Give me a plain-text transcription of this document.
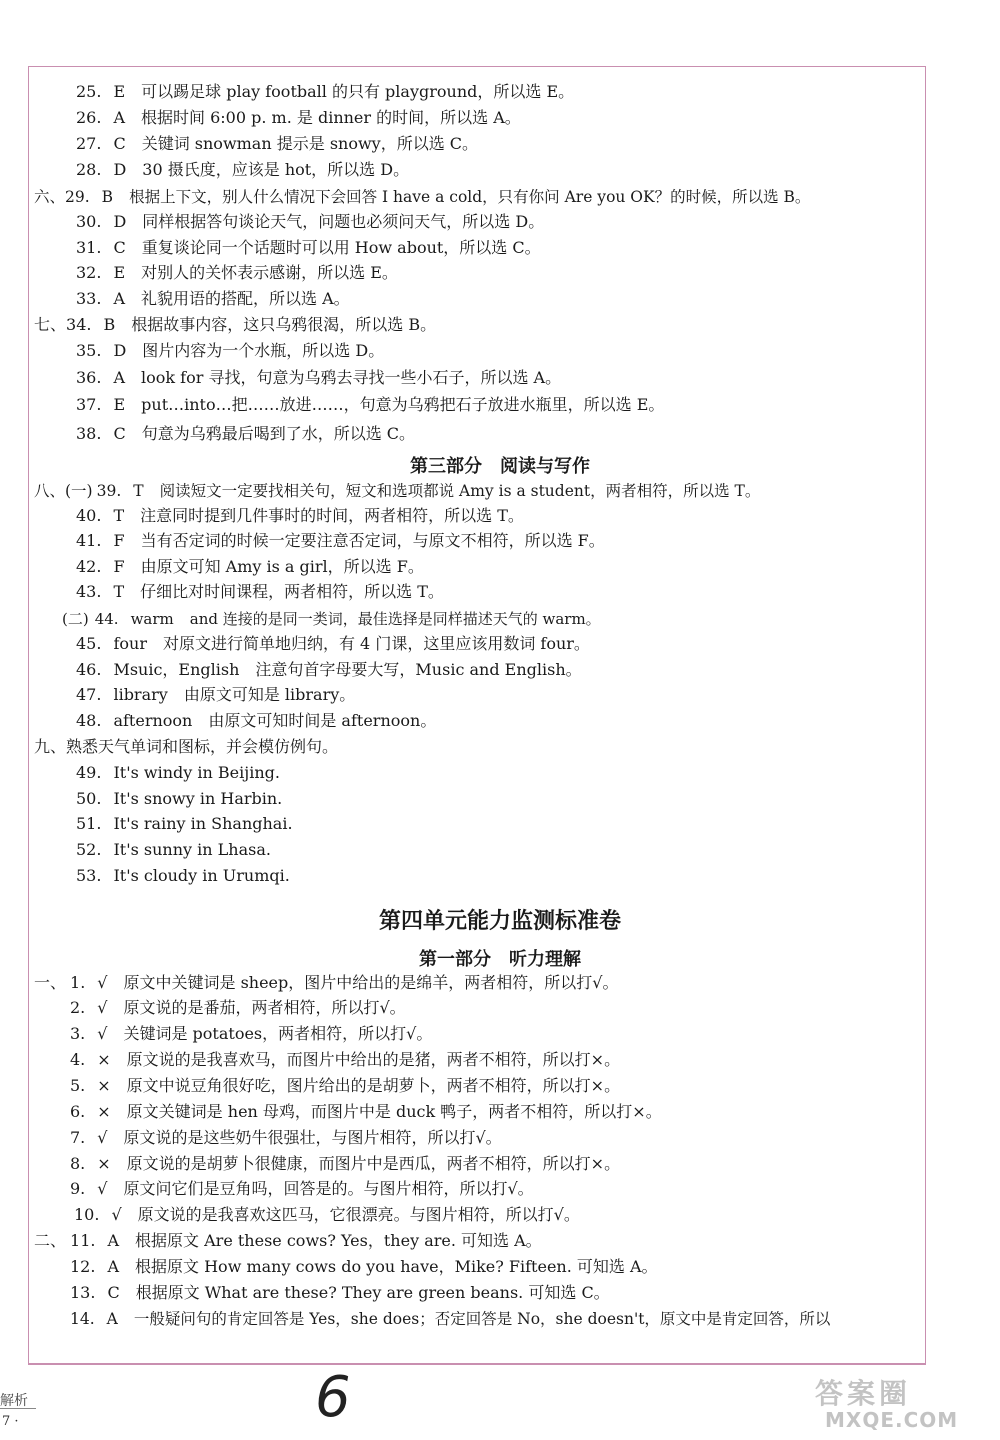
25. E 可以踢足球 play football 的只有 playground，所以选 E。
26. A 根据时间 6:00 p. m. 是 dinner 的时间，所以选 A。
27. C 关键词 snowman 提示是 snowy，所以选 C。
28. D 30 摄氏度，应该是 hot，所以选 D。
六、29. B 根据上下文，别人什么情况下会回答 I have a cold，只有你问 Are you OK？的时候，所以选 B。
30. D 同样根据答句谈论天气，问题也必须问天气，所以选 D。
31. C 重复谈论同一个话题时可以用 How about，所以选 C。
32. E 对别人的关怀表示感谢，所以选 E。
33. A 礼貌用语的搭配，所以选 A。
七、34. B 根据故事内容，这只乌鸦很渴，所以选 B。
35. D 图片内容为一个水瓶，所以选 D。
36. A look for 寻找，句意为乌鸦去寻找一些小石子，所以选 A。
37. E put…into…把……放进……，句意为乌鸦把石子放进水瓶里，所以选 E。
38. C 句意为乌鸦最后喝到了水，所以选 C。
第三部分　阅读与写作
八、(一) 39. T 阅读短文一定要找相关句，短文和选项都说 Amy is a student，两者相符，所以选 T。
40. T 注意同时提到几件事时的时间，两者相符，所以选 T。
41. F 当有否定词的时候一定要注意否定词，与原文不相符，所以选 F。
42. F 由原文可知 Amy is a girl，所以选 F。
43. T 仔细比对时间课程，两者相符，所以选 T。
(二) 44. warm and 连接的是同一类词，最佳选择是同样描述天气的 warm。
45. four 对原文进行简单地归纳，有 4 门课，这里应该用数词 four。
46. Msuic，English 注意句首字母要大写，Music and English。
47. library 由原文可知是 library。
48. afternoon 由原文可知时间是 afternoon。
九、熟悉天气单词和图标，并会模仿例句。
49. It's windy in Beijing.
50. It's snowy in Harbin.
51. It's rainy in Shanghai.
52. It's sunny in Lhasa.
53. It's cloudy in Urumqi.
第四单元能力监测标准卷
第一部分　听力理解
一、 1. √ 原文中关键词是 sheep，图片中给出的是绵羊，两者相符，所以打√。
2. √ 原文说的是番茄，两者相符，所以打√。
3. √ 关键词是 potatoes，两者相符，所以打√。
4. × 原文说的是我喜欢马，而图片中给出的是猪，两者不相符，所以打×。
5. × 原文中说豆角很好吃，图片给出的是胡萝卜，两者不相符，所以打×。
6. × 原文关键词是 hen 母鸡，而图片中是 duck 鸭子，两者不相符，所以打×。
7. √ 原文说的是这些奶牛很强壮，与图片相符，所以打√。
8. × 原文说的是胡萝卜很健康，而图片中是西瓜，两者不相符，所以打×。
9. √ 原文问它们是豆角吗，回答是的。与图片相符，所以打√。
10. √ 原文说的是我喜欢这匹马，它很漂亮。与图片相符，所以打√。
二、 11. A 根据原文 Are these cows? Yes，they are. 可知选 A。
12. A 根据原文 How many cows do you have，Mike? Fifteen. 可知选 A。
13. C 根据原文 What are these? They are green beans. 可知选 C。
14. A 一般疑问句的肯定回答是 Yes，she does；否定回答是 No，she doesn't，原文中是肯定回答，所以
解析
7 ·	6	答案圈
MXQE.COM
